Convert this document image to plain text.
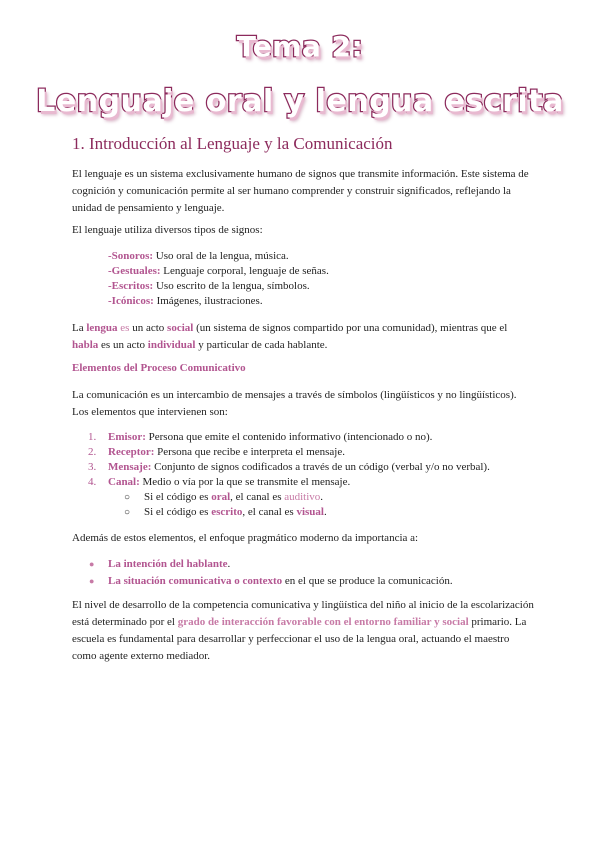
Tema 2:
Lenguaje oral y lengua escrita
1. Introducción al Lenguaje y la Comunicación
El lenguaje es un sistema exclusivamente humano de signos que transmite información. Este sistema de cognición y comunicación permite al ser humano comprender y construir significados, reflejando la unidad de pensamiento y lenguaje.
El lenguaje utiliza diversos tipos de signos:
-Sonoros: Uso oral de la lengua, música.
-Gestuales: Lenguaje corporal, lenguaje de señas.
-Escritos: Uso escrito de la lengua, símbolos.
-Icónicos: Imágenes, ilustraciones.
La lengua es un acto social (un sistema de signos compartido por una comunidad), mientras que el habla es un acto individual y particular de cada hablante.
Elementos del Proceso Comunicativo
La comunicación es un intercambio de mensajes a través de símbolos (lingüísticos y no lingüísticos). Los elementos que intervienen son:
1. Emisor: Persona que emite el contenido informativo (intencionado o no).
2. Receptor: Persona que recibe e interpreta el mensaje.
3. Mensaje: Conjunto de signos codificados a través de un código (verbal y/o no verbal).
4. Canal: Medio o vía por la que se transmite el mensaje.
○ Si el código es oral, el canal es auditivo.
○ Si el código es escrito, el canal es visual.
Además de estos elementos, el enfoque pragmático moderno da importancia a:
● La intención del hablante.
● La situación comunicativa o contexto en el que se produce la comunicación.
El nivel de desarrollo de la competencia comunicativa y lingüística del niño al inicio de la escolarización está determinado por el grado de interacción favorable con el entorno familiar y social primario. La escuela es fundamental para desarrollar y perfeccionar el uso de la lengua oral, actuando el maestro como agente externo mediador.
